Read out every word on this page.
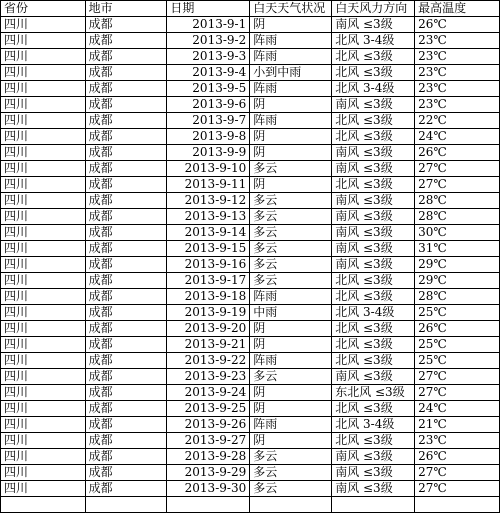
省份	地市	日期	白天天气状况	白天风力方向	最高温度
四川	成都	2013-9-1	阴	南风 ≤3级	26℃
四川	成都	2013-9-2	阵雨	北风 3-4级	23℃
四川	成都	2013-9-3	阵雨	北风 ≤3级	23℃
四川	成都	2013-9-4	小到中雨	北风 ≤3级	23℃
四川	成都	2013-9-5	阵雨	北风 3-4级	23℃
四川	成都	2013-9-6	阴	南风 ≤3级	23℃
四川	成都	2013-9-7	阵雨	北风 ≤3级	22℃
四川	成都	2013-9-8	阴	北风 ≤3级	24℃
四川	成都	2013-9-9	阴	南风 ≤3级	26℃
四川	成都	2013-9-10	多云	南风 ≤3级	27℃
四川	成都	2013-9-11	阴	北风 ≤3级	27℃
四川	成都	2013-9-12	多云	南风 ≤3级	28℃
四川	成都	2013-9-13	多云	南风 ≤3级	28℃
四川	成都	2013-9-14	多云	南风 ≤3级	30℃
四川	成都	2013-9-15	多云	南风 ≤3级	31℃
四川	成都	2013-9-16	多云	南风 ≤3级	29℃
四川	成都	2013-9-17	多云	北风 ≤3级	29℃
四川	成都	2013-9-18	阵雨	北风 ≤3级	28℃
四川	成都	2013-9-19	中雨	北风 3-4级	25℃
四川	成都	2013-9-20	阴	北风 ≤3级	26℃
四川	成都	2013-9-21	阴	北风 ≤3级	25℃
四川	成都	2013-9-22	阵雨	北风 ≤3级	25℃
四川	成都	2013-9-23	多云	南风 ≤3级	27℃
四川	成都	2013-9-24	阴	东北风 ≤3级	27℃
四川	成都	2013-9-25	阴	北风 ≤3级	24℃
四川	成都	2013-9-26	阵雨	北风 3-4级	21℃
四川	成都	2013-9-27	阴	北风 ≤3级	23℃
四川	成都	2013-9-28	多云	南风 ≤3级	26℃
四川	成都	2013-9-29	多云	南风 ≤3级	27℃
四川	成都	2013-9-30	多云	南风 ≤3级	27℃
